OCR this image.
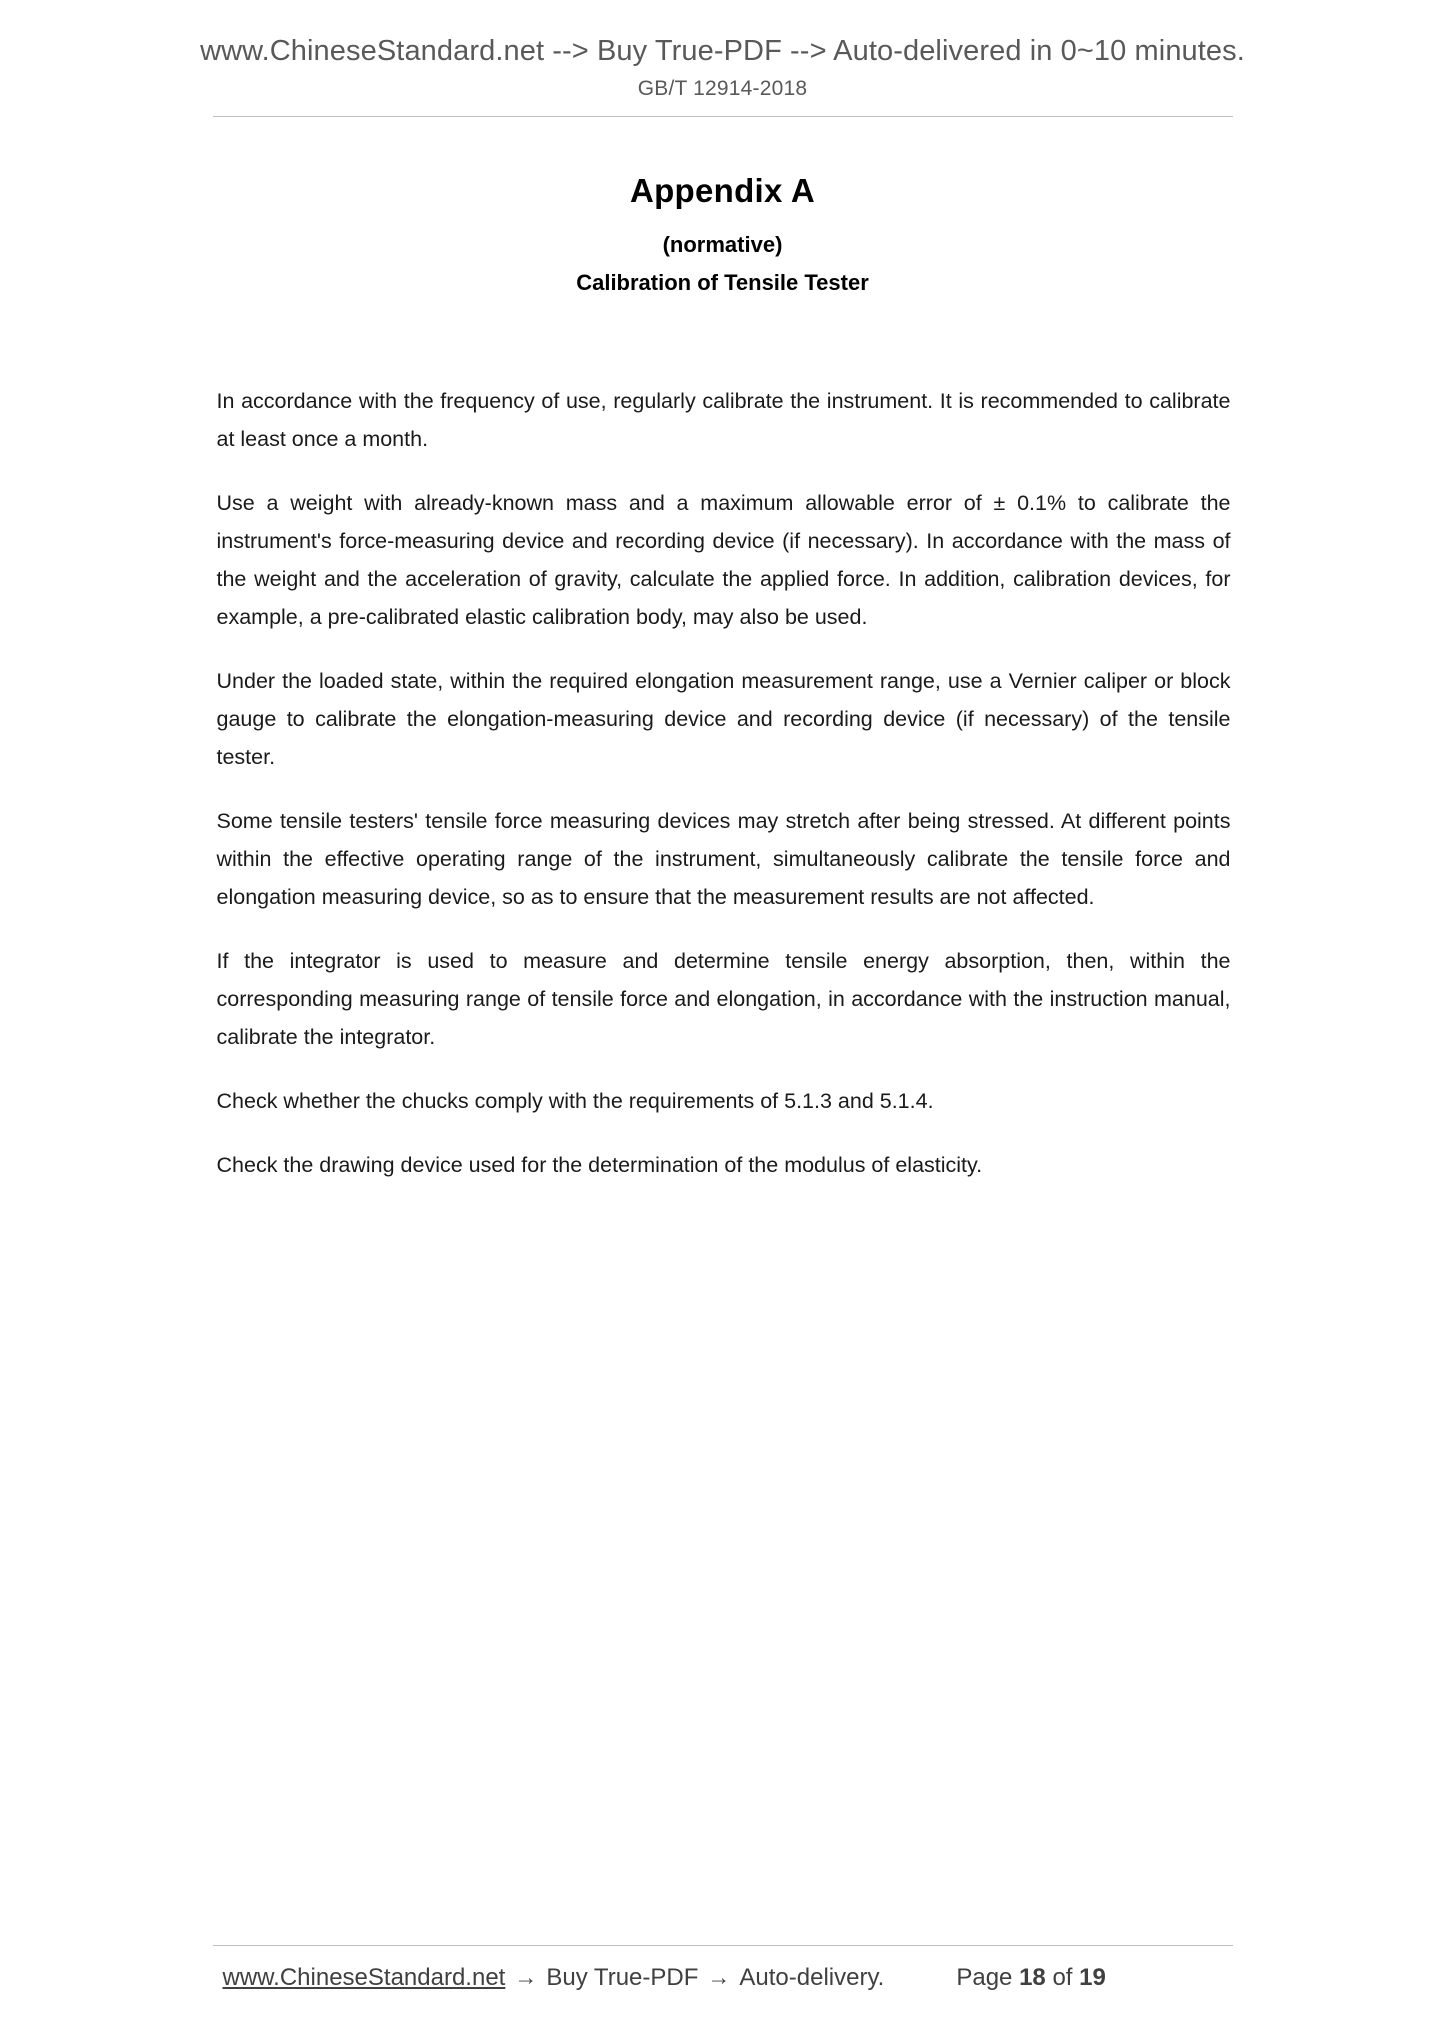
www.ChineseStandard.net --> Buy True-PDF --> Auto-delivered in 0~10 minutes.
GB/T 12914-2018
Appendix A
(normative)
Calibration of Tensile Tester

In accordance with the frequency of use, regularly calibrate the instrument. It is recommended to calibrate at least once a month.

Use a weight with already-known mass and a maximum allowable error of ± 0.1% to calibrate the instrument's force-measuring device and recording device (if necessary). In accordance with the mass of the weight and the acceleration of gravity, calculate the applied force. In addition, calibration devices, for example, a pre-calibrated elastic calibration body, may also be used.

Under the loaded state, within the required elongation measurement range, use a Vernier caliper or block gauge to calibrate the elongation-measuring device and recording device (if necessary) of the tensile tester.

Some tensile testers' tensile force measuring devices may stretch after being stressed. At different points within the effective operating range of the instrument, simultaneously calibrate the tensile force and elongation measuring device, so as to ensure that the measurement results are not affected.

If the integrator is used to measure and determine tensile energy absorption, then, within the corresponding measuring range of tensile force and elongation, in accordance with the instruction manual, calibrate the integrator.

Check whether the chucks comply with the requirements of 5.1.3 and 5.1.4.

Check the drawing device used for the determination of the modulus of elasticity.

www.ChineseStandard.net → Buy True-PDF → Auto-delivery.	Page 18 of 19
